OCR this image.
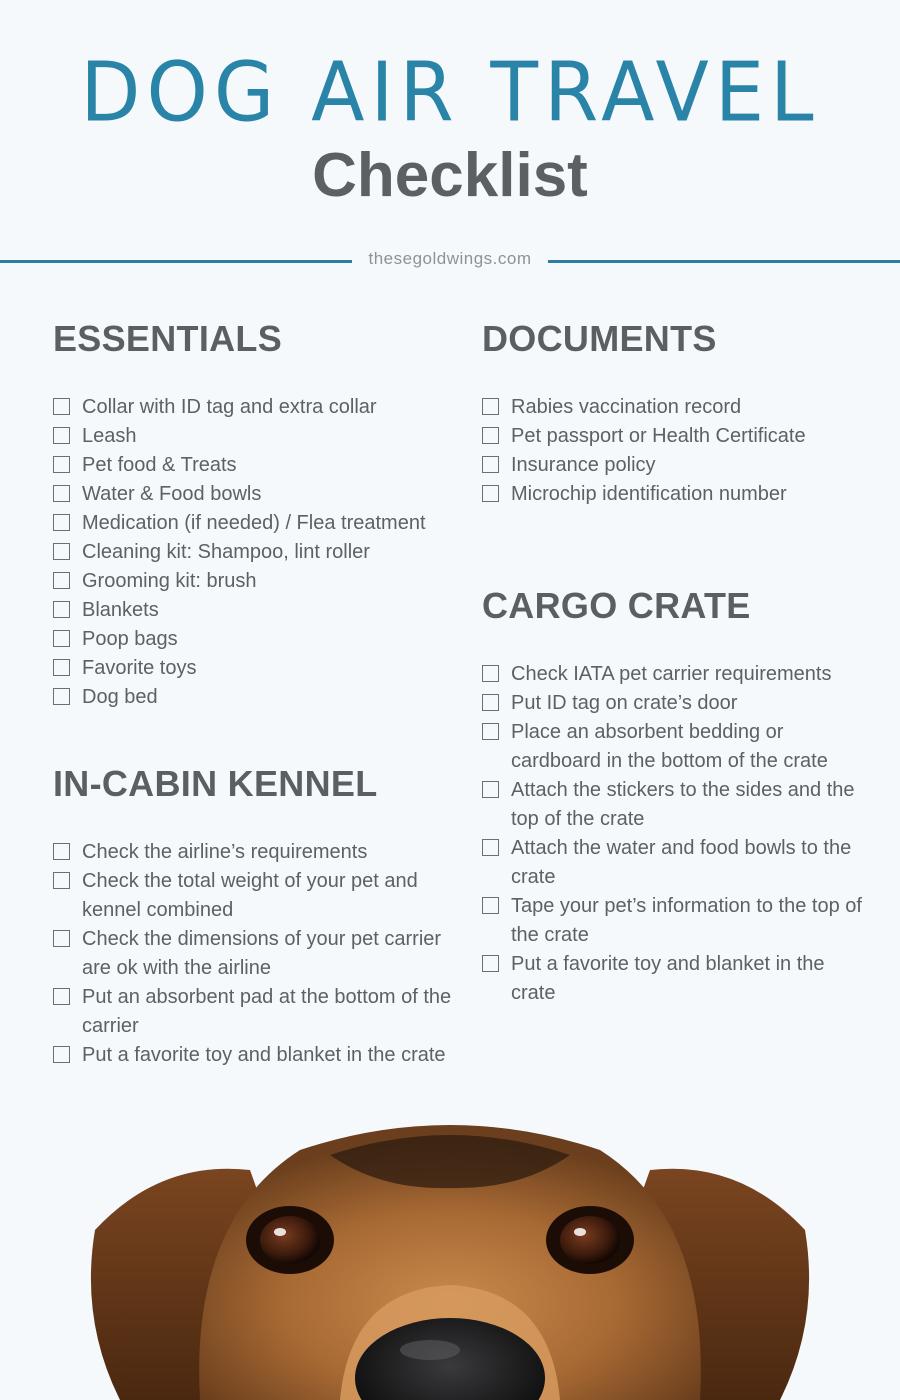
DOG AIR TRAVEL
Checklist
thesegoldwings.com
ESSENTIALS
Collar with ID tag and extra collar
Leash
Pet food & Treats
Water & Food bowls
Medication (if needed) / Flea treatment
Cleaning kit: Shampoo, lint roller
Grooming kit: brush
Blankets
Poop bags
Favorite toys
Dog bed
DOCUMENTS
Rabies vaccination record
Pet passport or Health Certificate
Insurance policy
Microchip identification number
IN-CABIN KENNEL
Check the airline’s requirements
Check the total weight of your pet and kennel combined
Check the dimensions of your pet carrier are ok with the airline
Put an absorbent pad at the bottom of the carrier
Put a favorite toy and blanket in the crate
CARGO CRATE
Check IATA pet carrier requirements
Put ID tag on crate’s door
Place an absorbent bedding or cardboard in the bottom of the crate
Attach the stickers to the sides and the top of the crate
Attach the water and food bowls to the crate
Tape your pet’s information to the top of the crate
Put a favorite toy and blanket in the crate
